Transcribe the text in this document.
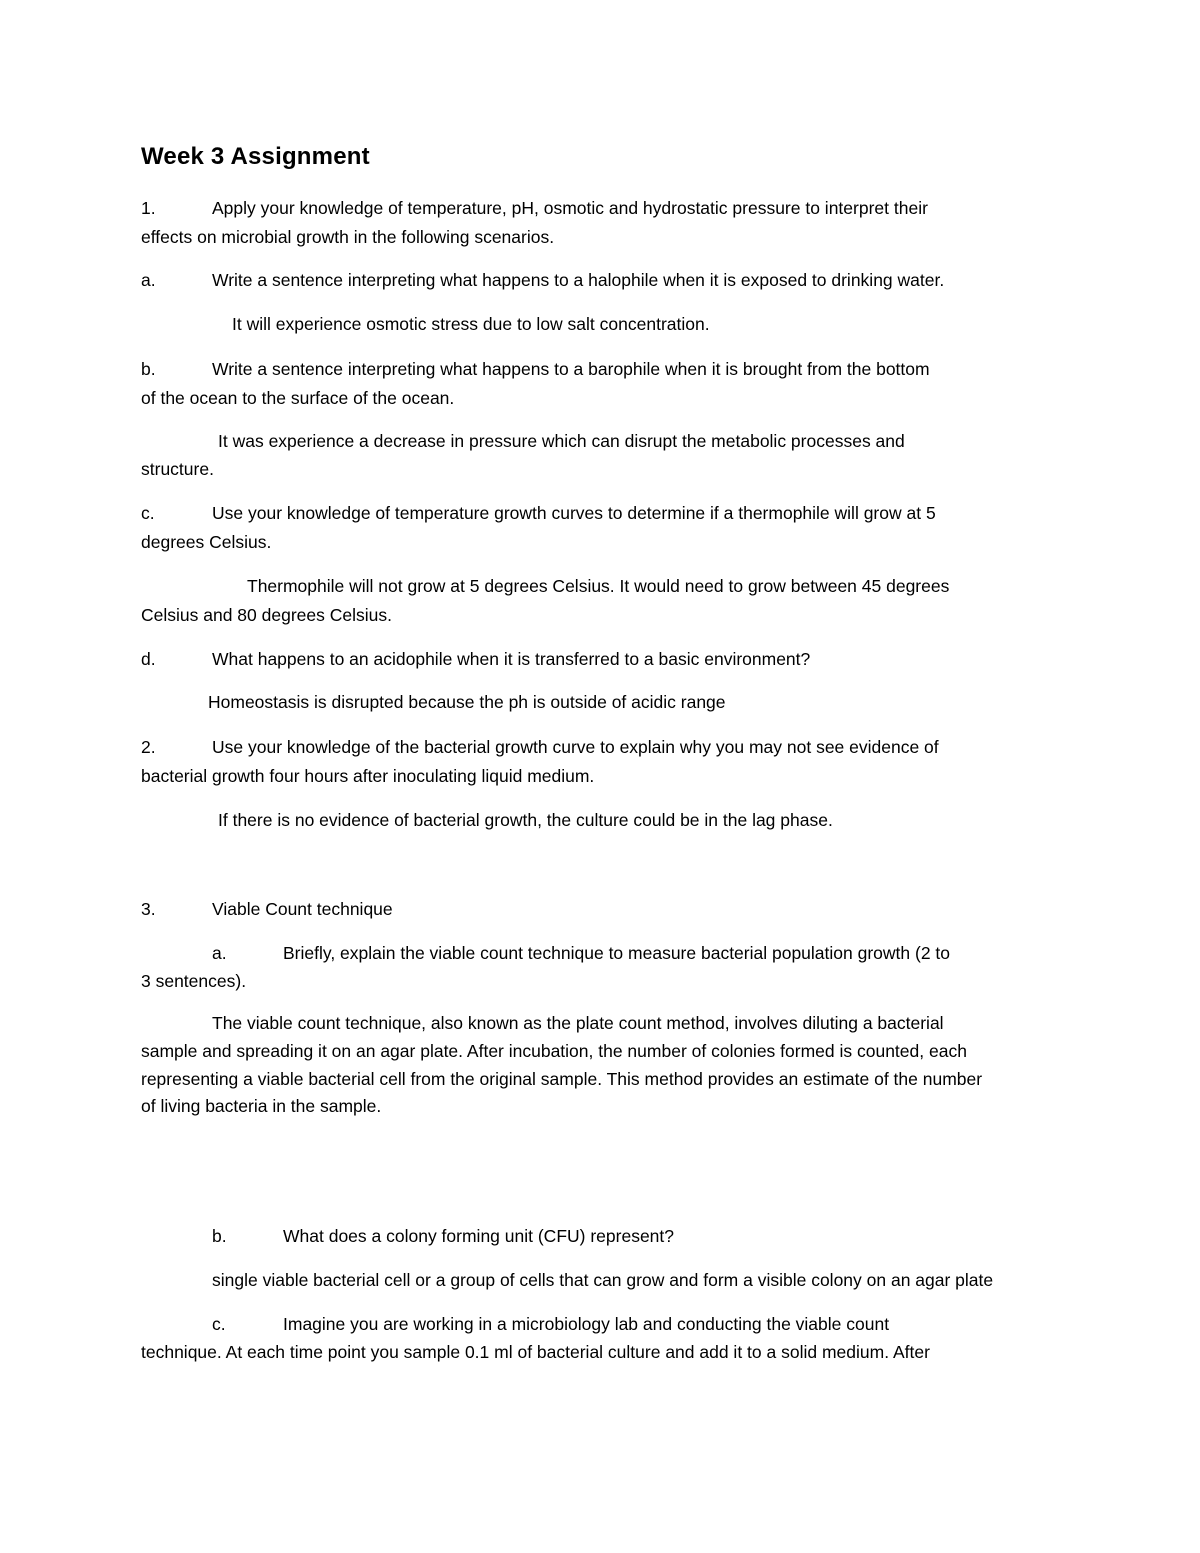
Week 3 Assignment
1.	Apply your knowledge of temperature, pH, osmotic and hydrostatic pressure to interpret their
effects on microbial growth in the following scenarios.
a.	Write a sentence interpreting what happens to a halophile when it is exposed to drinking water.
It will experience osmotic stress due to low salt concentration.
b.	Write a sentence interpreting what happens to a barophile when it is brought from the bottom
of the ocean to the surface of the ocean.
It was experience a decrease in pressure which can disrupt the metabolic processes and
structure.
c.	Use your knowledge of temperature growth curves to determine if a thermophile will grow at 5
degrees Celsius.
Thermophile will not grow at 5 degrees Celsius. It would need to grow between 45 degrees
Celsius and 80 degrees Celsius.
d.	What happens to an acidophile when it is transferred to a basic environment?
Homeostasis is disrupted because the ph is outside of acidic range
2.	Use your knowledge of the bacterial growth curve to explain why you may not see evidence of
bacterial growth four hours after inoculating liquid medium.
If there is no evidence of bacterial growth, the culture could be in the lag phase.
3.	Viable Count technique
a.	Briefly, explain the viable count technique to measure bacterial population growth (2 to
3 sentences).
The viable count technique, also known as the plate count method, involves diluting a bacterial
sample and spreading it on an agar plate. After incubation, the number of colonies formed is counted, each
representing a viable bacterial cell from the original sample. This method provides an estimate of the number
of living bacteria in the sample.
b.	What does a colony forming unit (CFU) represent?
single viable bacterial cell or a group of cells that can grow and form a visible colony on an agar plate
c.	Imagine you are working in a microbiology lab and conducting the viable count
technique. At each time point you sample 0.1 ml of bacterial culture and add it to a solid medium. After
